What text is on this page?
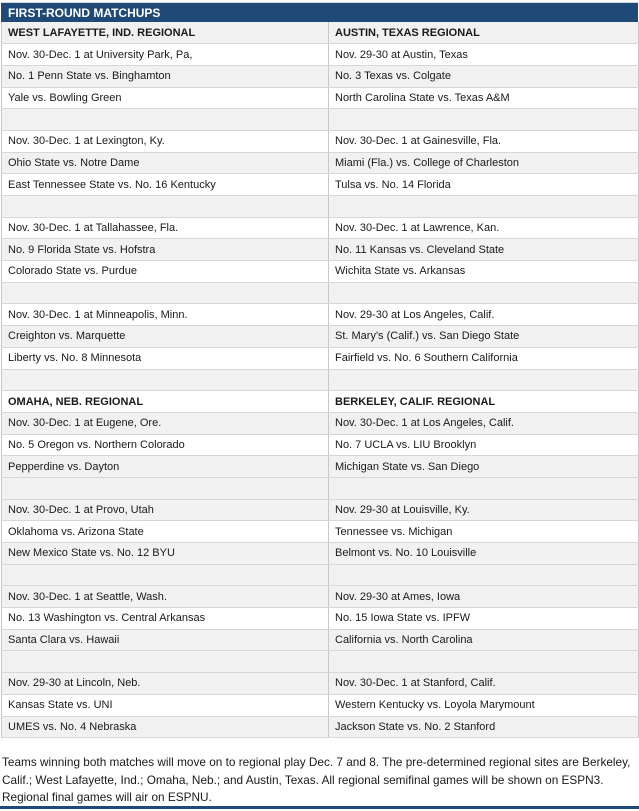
FIRST-ROUND MATCHUPS
WEST LAFAYETTE, IND. REGIONAL	AUSTIN, TEXAS REGIONAL
Nov. 30-Dec. 1 at University Park, Pa,	Nov. 29-30 at Austin, Texas
No. 1 Penn State vs. Binghamton	No. 3 Texas vs. Colgate
Yale vs. Bowling Green	North Carolina State vs. Texas A&M

Nov. 30-Dec. 1 at Lexington, Ky.	Nov. 30-Dec. 1 at Gainesville, Fla.
Ohio State vs. Notre Dame	Miami (Fla.) vs. College of Charleston
East Tennessee State vs. No. 16 Kentucky	Tulsa vs. No. 14 Florida

Nov. 30-Dec. 1 at Tallahassee, Fla.	Nov. 30-Dec. 1 at Lawrence, Kan.
No. 9 Florida State vs. Hofstra	No. 11 Kansas vs. Cleveland State
Colorado State vs. Purdue	Wichita State vs. Arkansas

Nov. 30-Dec. 1 at Minneapolis, Minn.	Nov. 29-30 at Los Angeles, Calif.
Creighton vs. Marquette	St. Mary's (Calif.) vs. San Diego State
Liberty vs. No. 8 Minnesota	Fairfield vs. No. 6 Southern California

OMAHA, NEB. REGIONAL	BERKELEY, CALIF. REGIONAL
Nov. 30-Dec. 1 at Eugene, Ore.	Nov. 30-Dec. 1 at Los Angeles, Calif.
No. 5 Oregon vs. Northern Colorado	No. 7 UCLA vs. LIU Brooklyn
Pepperdine vs. Dayton	Michigan State vs. San Diego

Nov. 30-Dec. 1 at Provo, Utah	Nov. 29-30 at Louisville, Ky.
Oklahoma vs. Arizona State	Tennessee vs. Michigan
New Mexico State vs. No. 12 BYU	Belmont vs. No. 10 Louisville

Nov. 30-Dec. 1 at Seattle, Wash.	Nov. 29-30 at Ames, Iowa
No. 13 Washington vs. Central Arkansas	No. 15 Iowa State vs. IPFW
Santa Clara vs. Hawaii	California vs. North Carolina

Nov. 29-30 at Lincoln, Neb.	Nov. 30-Dec. 1 at Stanford, Calif.
Kansas State vs. UNI	Western Kentucky vs. Loyola Marymount
UMES vs. No. 4 Nebraska	Jackson State vs. No. 2 Stanford
Teams winning both matches will move on to regional play Dec. 7 and 8. The pre-determined regional sites are Berkeley, Calif.; West Lafayette, Ind.; Omaha, Neb.; and Austin, Texas. All regional semifinal games will be shown on ESPN3. Regional final games will air on ESPNU.
